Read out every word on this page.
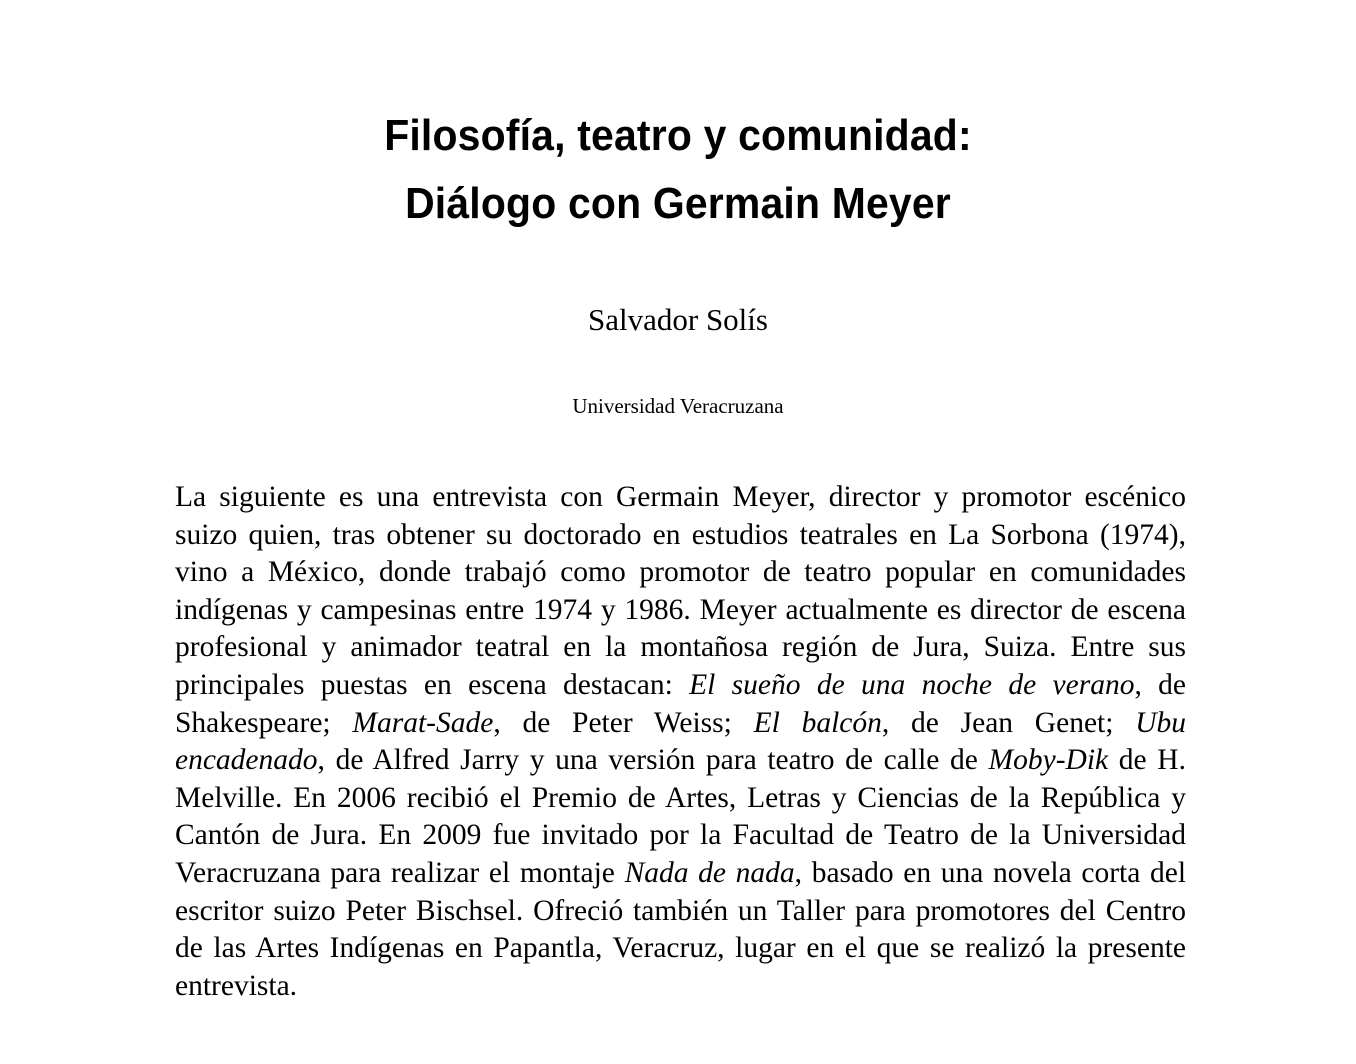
Filosofía, teatro y comunidad:
Diálogo con Germain Meyer
Salvador Solís
Universidad Veracruzana

La siguiente es una entrevista con Germain Meyer, director y promotor escénico suizo quien, tras obtener su doctorado en estudios teatrales en La Sorbona (1974), vino a México, donde trabajó como promotor de teatro popular en comunidades indígenas y campesinas entre 1974 y 1986. Meyer actualmente es director de escena profesional y animador teatral en la montañosa región de Jura, Suiza. Entre sus principales puestas en escena destacan: El sueño de una noche de verano, de Shakespeare; Marat-Sade, de Peter Weiss; El balcón, de Jean Genet; Ubu encadenado, de Alfred Jarry y una versión para teatro de calle de Moby-Dik de H. Melville. En 2006 recibió el Premio de Artes, Letras y Ciencias de la República y Cantón de Jura. En 2009 fue invitado por la Facultad de Teatro de la Universidad Veracruzana para realizar el montaje Nada de nada, basado en una novela corta del escritor suizo Peter Bischsel. Ofreció también un Taller para promotores del Centro de las Artes Indígenas en Papantla, Veracruz, lugar en el que se realizó la presente entrevista.
